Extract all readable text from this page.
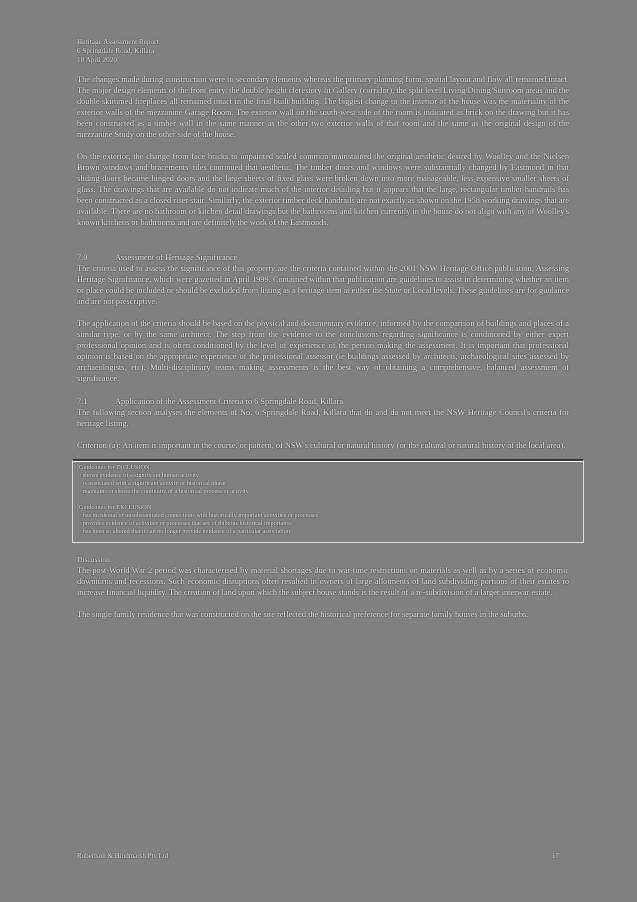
Heritage Assessment Report
6 Springdale Road, Killara
18 April 2020

The changes made during construction were to secondary elements whereas the primary planning form, spatial layout and flow all remained intact. The major design elements of the front entry, the double height clerestory lit Gallery (corridor), the split level Living/Dining/Sunroom areas and the double skimmed fireplaces all remained intact in the final built building. The biggest change to the interior of the house was the materiality of the exterior walls of the mezzanine Garage Room. The exterior wall on the south-west side of the room is indicated as brick on the drawing but it has been constructed as a timber wall in the same manner as the other two exterior walls of that room and the same as the original design of the mezzanine Study on the other side of the house.

On the exterior, the change from face bricks to unpainted sealed common mainstained the original aesthetic desired by Woolley and the Nielsen Brown windows and bracements' tiles continued that aesthetic. The timber doors and windows were substantially changed by Eastmond in that sliding doors became hinged doors and the large sheets of fixed glass were broken down into more manageable, less expensive smaller sheets of glass. The drawings that are available do not indicate much of the interior detailing but it appears that the large, rectangular timber handrails has been constructed as a closed riser stair. Similarly, the exterior timber deck handrails are not exactly as shown on the 1958 working drawings that are available. There are no bathroom or kitchen detail drawings but the bathrooms and kitchen currently in the house do not align with any of Woolley's known kitchens or bathrooms and are definitely the work of the Eastmonds.

7.0	Assessment of Heritage Significance

The criteria used to assess the significance of this property are the criteria contained within the 2001 NSW Heritage Office publication, Assessing Heritage Significance, which were gazetted in April 1999. Contained within that publication are guidelines to assist in determining whether an item or place could be included or should be excluded from listing as a heritage item at either the State or Local levels. These guidelines are for guidance and are not prescriptive.

The application of the criteria should be based on the physical and documentary evidence, informed by the comparison of buildings and places of a similar type, or by the same architect. The step from the evidence to the conclusions regarding significance is conditioned by either expert professional opinion and is often conditioned by the level of experience of the person making the assessment. It is important that professional opinion is based on the appropriate experience of the professional assessor (ie buildings assessed by architects, archaeological sites assessed by archaeologists, etc). Multi-disciplinary teams making assessments is the best way of obtaining a comprehensive, balanced assessment of significance.

7.1	Application of the Assessment Criteria to 6 Springdale Road, Killara

The following section analyses the elements of No. 6 Springdale Road, Killara that do and do not meet the NSW Heritage Council's criteria for heritage listing.

Criterion (a): An item is important in the course, or pattern, of NSW's cultural or natural history (or the cultural or natural history of the local area).

Guidelines for INCLUSION
▫ shows evidence of a significant human activity
▫ is associated with a significant activity or historical phase
▫ maintains or shows the continuity of a historical process or activity
Guidelines for EXCLUSION
▫ has incidental or unsubstantiated connections with historically important activities or processes
▫ provides evidence of activities or processes that are of dubious historical importance
▫ has been so altered that it can no longer provide evidence of a particular association
Discussion:

The post-World War 2 period was characterised by material shortages due to war-time restrictions on materials as well as by a series of economic downturns and recessions. Such economic disruptions often resulted in owners of large allotments of land subdividing portions of their estates to increase financial liquidity. The creation of land upon which the subject house stands is the result of a re-subdivision of a larger interwar estate.

The single family residence that was constructed on the site reflected the historical preference for separate family houses in the suburbs.

Robertson & Hindmarsh Pty Ltd	17
